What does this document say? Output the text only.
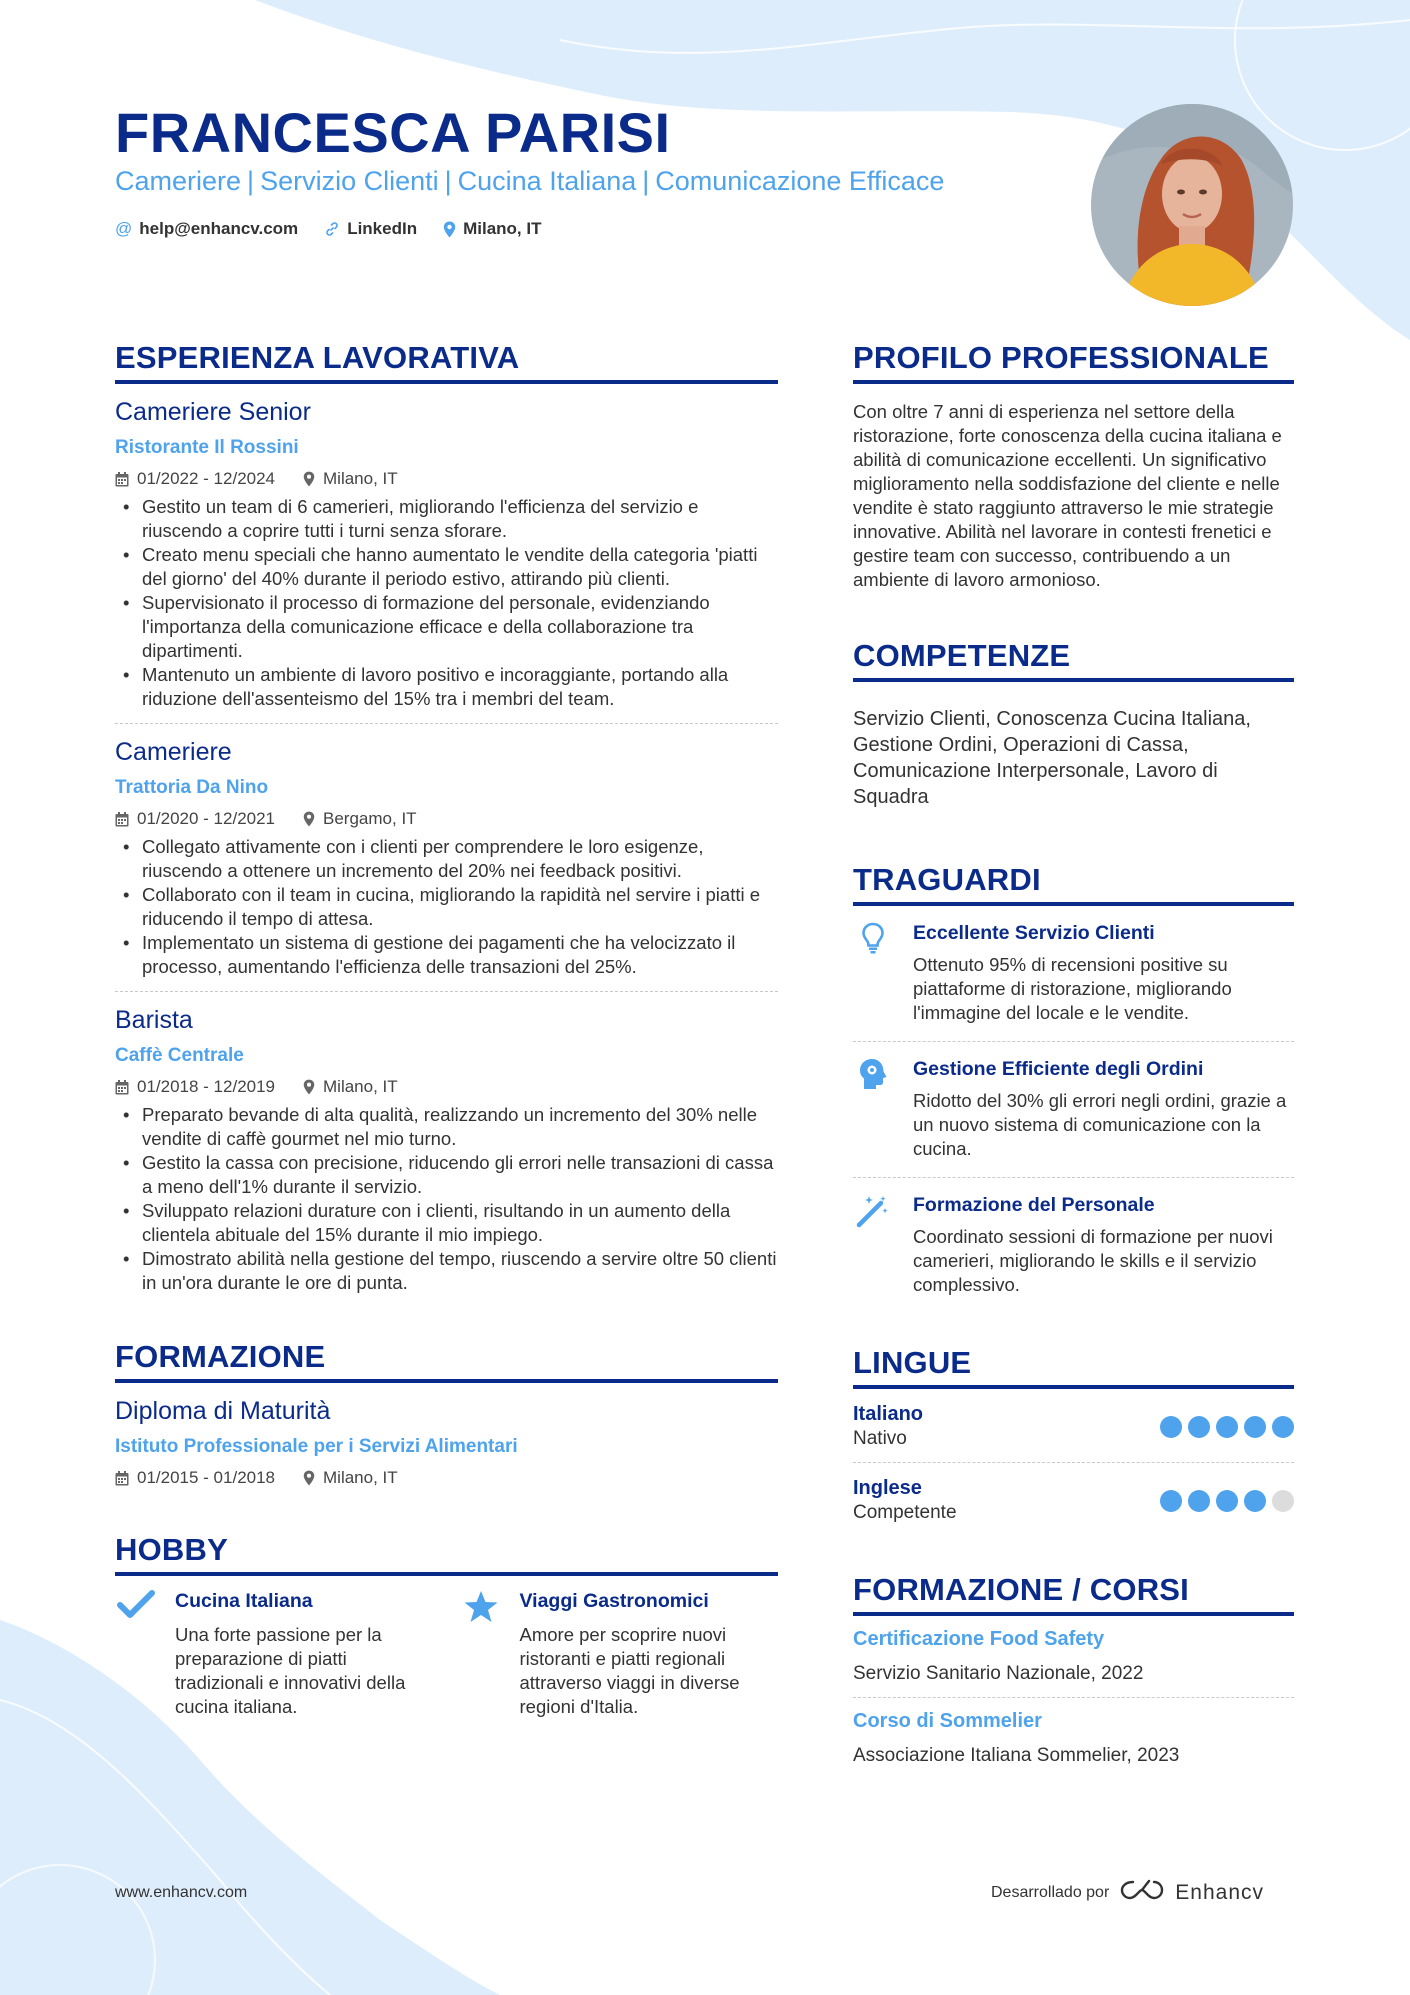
FRANCESCA PARISI
Cameriere | Servizio Clienti | Cucina Italiana | Comunicazione Efficace
@ help@enhancv.com	LinkedIn	Milano, IT
ESPERIENZA LAVORATIVA
Cameriere Senior
Ristorante Il Rossini
01/2022 - 12/2024	Milano, IT
• Gestito un team di 6 camerieri, migliorando l'efficienza del servizio e riuscendo a coprire tutti i turni senza sforare.
• Creato menu speciali che hanno aumentato le vendite della categoria 'piatti del giorno' del 40% durante il periodo estivo, attirando più clienti.
• Supervisionato il processo di formazione del personale, evidenziando l'importanza della comunicazione efficace e della collaborazione tra dipartimenti.
• Mantenuto un ambiente di lavoro positivo e incoraggiante, portando alla riduzione dell'assenteismo del 15% tra i membri del team.
Cameriere
Trattoria Da Nino
01/2020 - 12/2021	Bergamo, IT
• Collegato attivamente con i clienti per comprendere le loro esigenze, riuscendo a ottenere un incremento del 20% nei feedback positivi.
• Collaborato con il team in cucina, migliorando la rapidità nel servire i piatti e riducendo il tempo di attesa.
• Implementato un sistema di gestione dei pagamenti che ha velocizzato il processo, aumentando l'efficienza delle transazioni del 25%.
Barista
Caffè Centrale
01/2018 - 12/2019	Milano, IT
• Preparato bevande di alta qualità, realizzando un incremento del 30% nelle vendite di caffè gourmet nel mio turno.
• Gestito la cassa con precisione, riducendo gli errori nelle transazioni di cassa a meno dell'1% durante il servizio.
• Sviluppato relazioni durature con i clienti, risultando in un aumento della clientela abituale del 15% durante il mio impiego.
• Dimostrato abilità nella gestione del tempo, riuscendo a servire oltre 50 clienti in un'ora durante le ore di punta.
FORMAZIONE
Diploma di Maturità
Istituto Professionale per i Servizi Alimentari
01/2015 - 01/2018	Milano, IT
HOBBY
Cucina Italiana
Una forte passione per la preparazione di piatti tradizionali e innovativi della cucina italiana.
Viaggi Gastronomici
Amore per scoprire nuovi ristoranti e piatti regionali attraverso viaggi in diverse regioni d'Italia.
PROFILO PROFESSIONALE
Con oltre 7 anni di esperienza nel settore della ristorazione, forte conoscenza della cucina italiana e abilità di comunicazione eccellenti. Un significativo miglioramento nella soddisfazione del cliente e nelle vendite è stato raggiunto attraverso le mie strategie innovative. Abilità nel lavorare in contesti frenetici e gestire team con successo, contribuendo a un ambiente di lavoro armonioso.
COMPETENZE
Servizio Clienti, Conoscenza Cucina Italiana, Gestione Ordini, Operazioni di Cassa, Comunicazione Interpersonale, Lavoro di Squadra
TRAGUARDI
Eccellente Servizio Clienti
Ottenuto 95% di recensioni positive su piattaforme di ristorazione, migliorando l'immagine del locale e le vendite.
Gestione Efficiente degli Ordini
Ridotto del 30% gli errori negli ordini, grazie a un nuovo sistema di comunicazione con la cucina.
Formazione del Personale
Coordinato sessioni di formazione per nuovi camerieri, migliorando le skills e il servizio complessivo.
LINGUE
Italiano
Nativo
Inglese
Competente
FORMAZIONE / CORSI
Certificazione Food Safety
Servizio Sanitario Nazionale, 2022
Corso di Sommelier
Associazione Italiana Sommelier, 2023
www.enhancv.com	Desarrollado por	Enhancv
